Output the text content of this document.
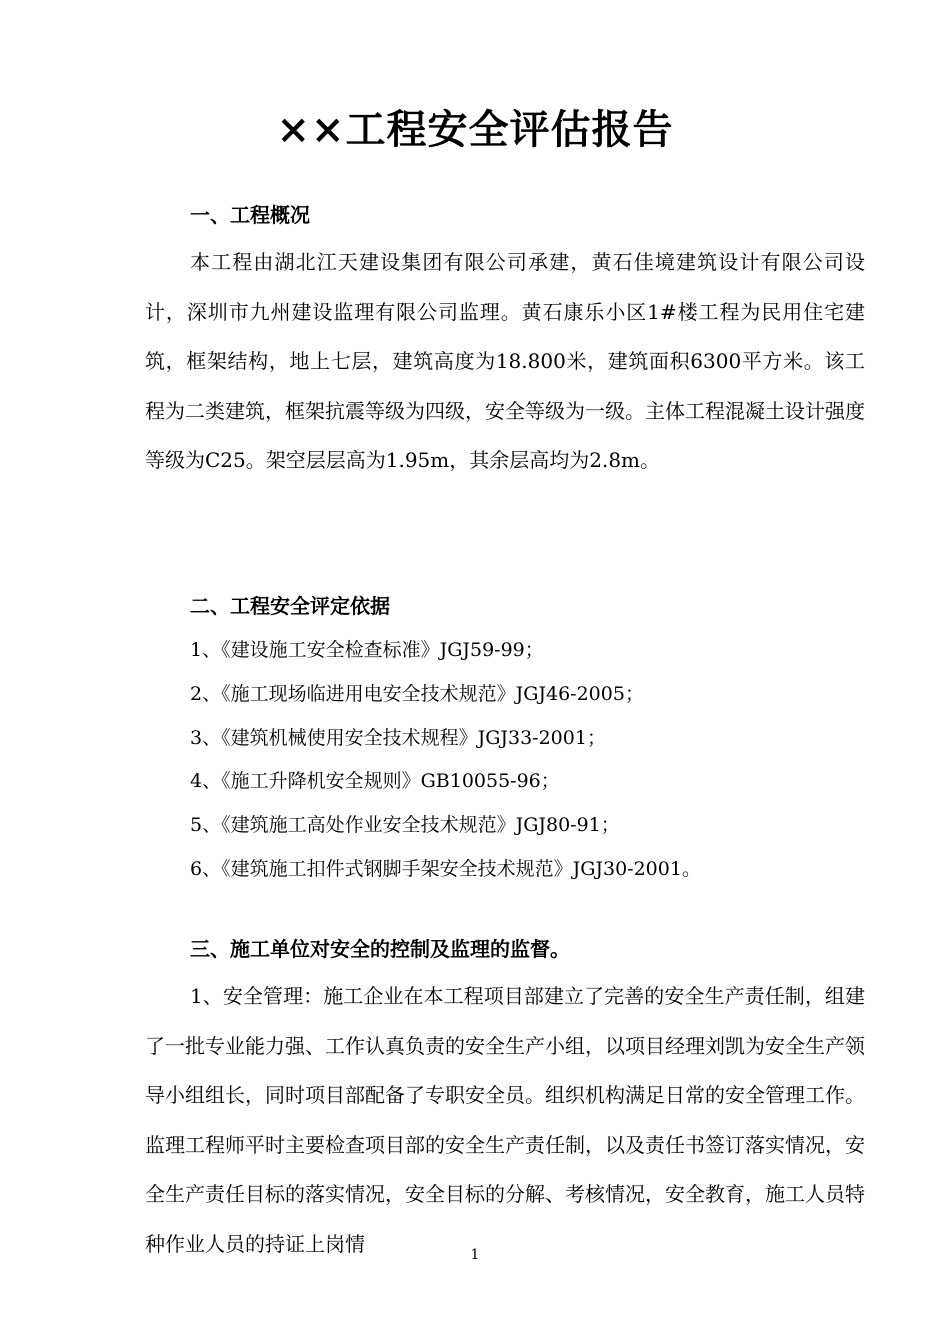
××工程安全评估报告
一、工程概况
本工程由湖北江天建设集团有限公司承建，黄石佳境建筑设计有限公司设计，深圳市九州建设监理有限公司监理。黄石康乐小区1#楼工程为民用住宅建筑，框架结构，地上七层，建筑高度为18.800米，建筑面积6300平方米。该工程为二类建筑，框架抗震等级为四级，安全等级为一级。主体工程混凝土设计强度等级为C25。架空层层高为1.95m，其余层高均为2.8m。
二、工程安全评定依据
1、《建设施工安全检查标准》JGJ59-99；
2、《施工现场临进用电安全技术规范》JGJ46-2005；
3、《建筑机械使用安全技术规程》JGJ33-2001；
4、《施工升降机安全规则》GB10055-96；
5、《建筑施工高处作业安全技术规范》JGJ80-91；
6、《建筑施工扣件式钢脚手架安全技术规范》JGJ30-2001。
三、施工单位对安全的控制及监理的监督。
1、安全管理：施工企业在本工程项目部建立了完善的安全生产责任制，组建了一批专业能力强、工作认真负责的安全生产小组，以项目经理刘凯为安全生产领导小组组长，同时项目部配备了专职安全员。组织机构满足日常的安全管理工作。监理工程师平时主要检查项目部的安全生产责任制，以及责任书签订落实情况，安全生产责任目标的落实情况，安全目标的分解、考核情况，安全教育，施工人员特种作业人员的持证上岗情	1
